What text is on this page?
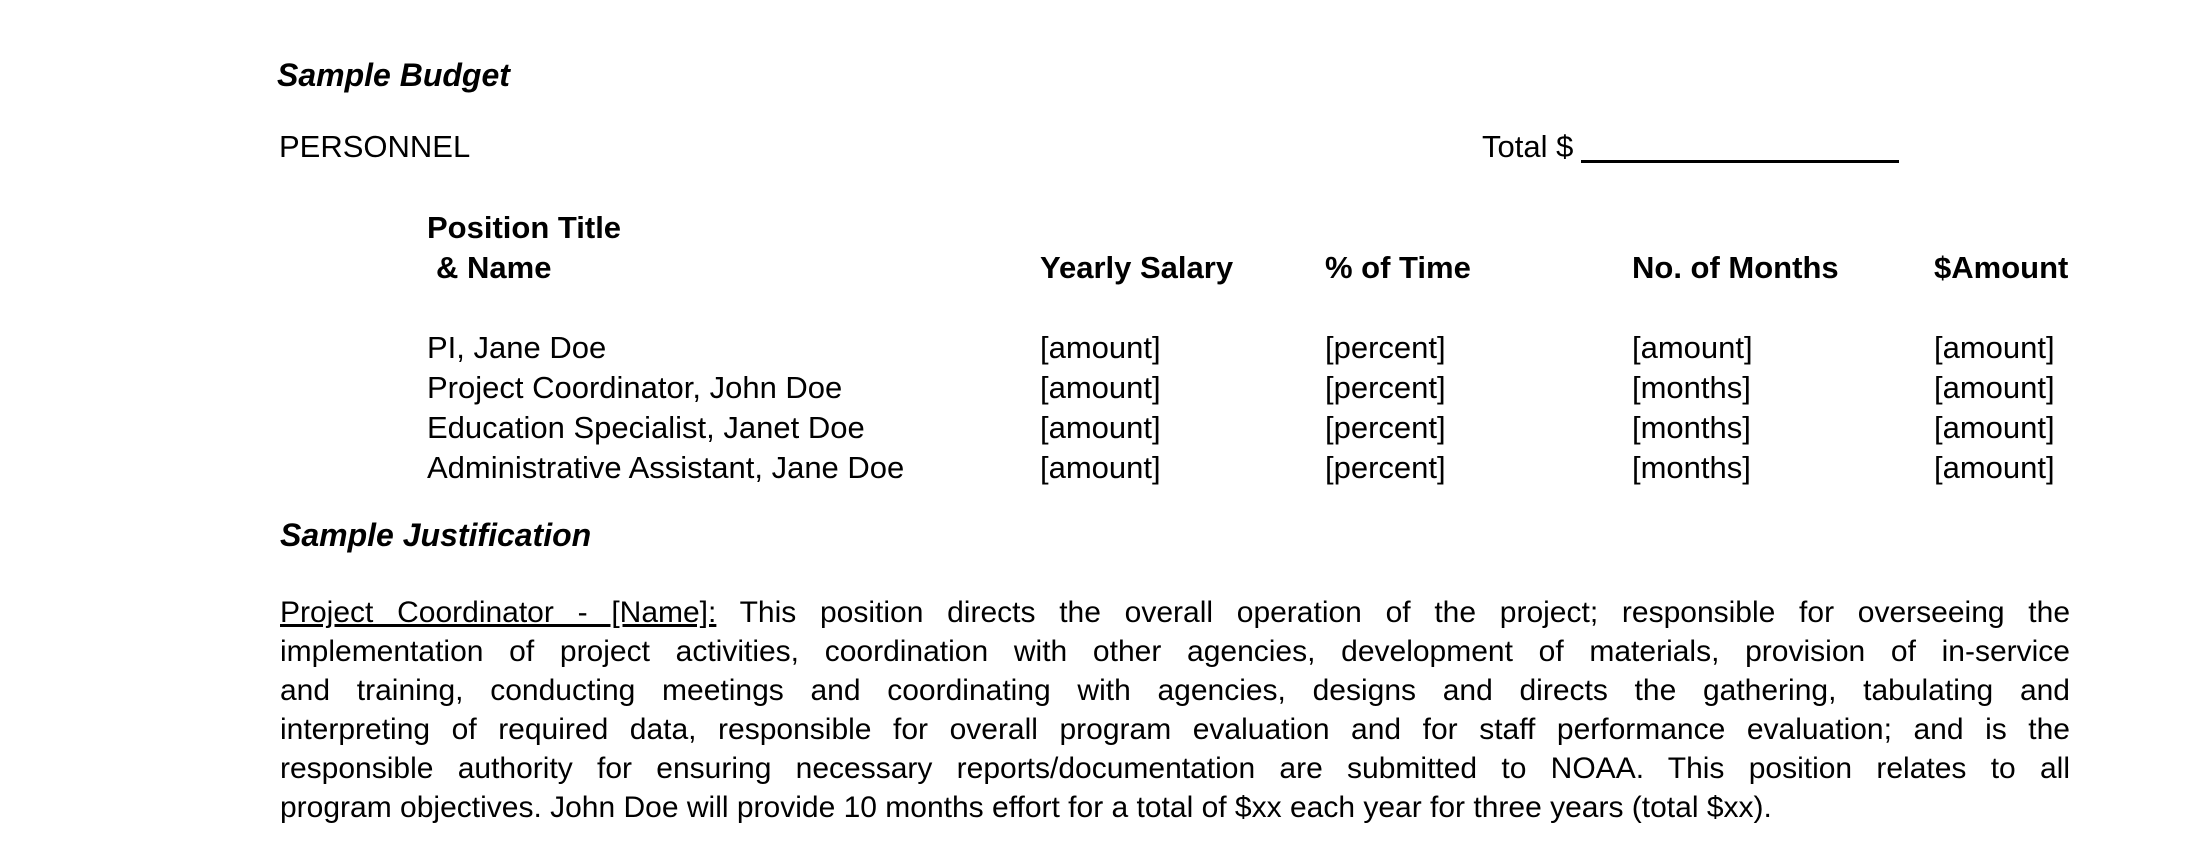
Sample Budget
PERSONNEL	Total $
Position Title
& Name	Yearly Salary	% of Time	No. of Months	$Amount
PI, Jane Doe	[amount]	[percent]	[amount]	[amount]
Project Coordinator, John Doe	[amount]	[percent]	[months]	[amount]
Education Specialist, Janet Doe	[amount]	[percent]	[months]	[amount]
Administrative Assistant, Jane Doe	[amount]	[percent]	[months]	[amount]
Sample Justification
Project Coordinator - [Name]: This position directs the overall operation of the project; responsible for overseeing the
implementation of project activities, coordination with other agencies, development of materials, provision of in-service
and training, conducting meetings and coordinating with agencies, designs and directs the gathering, tabulating and
interpreting of required data, responsible for overall program evaluation and for staff performance evaluation; and is the
responsible authority for ensuring necessary reports/documentation are submitted to NOAA. This position relates to all
program objectives. John Doe will provide 10 months effort for a total of $xx each year for three years (total $xx).
